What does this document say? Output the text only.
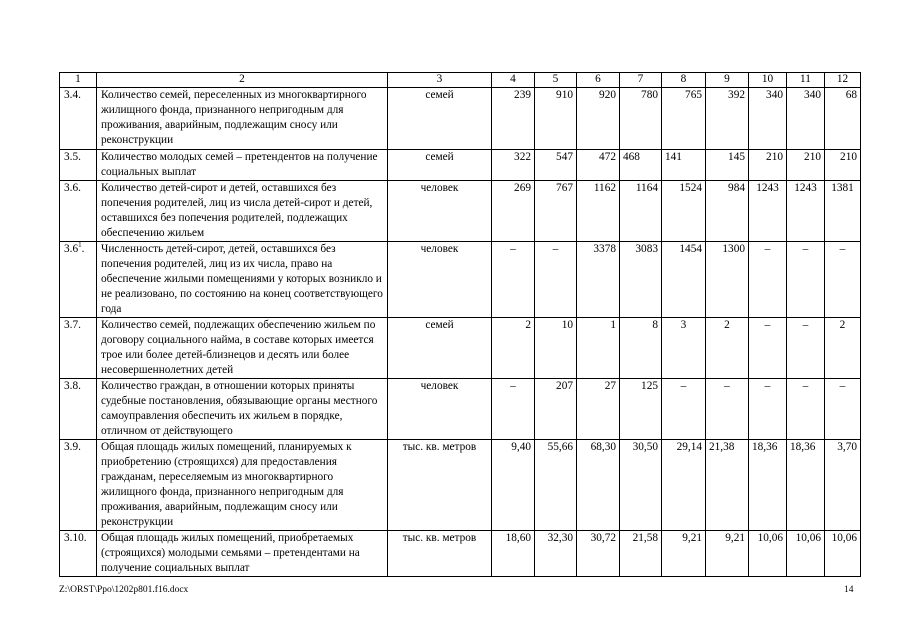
1	2	3	4	5	6	7	8	9	10	11	12
3.4.	Количество семей, переселенных из многоквартирного жилищного фонда, признанного непригодным для проживания, аварийным, подлежащим сносу или реконструкции	семей	239	910	920	780	765	392	340	340	68
3.5.	Количество молодых семей – претендентов на получение социальных выплат	семей	322	547	472	468	141	145	210	210	210
3.6.	Количество детей-сирот и детей, оставшихся без попечения родителей, лиц из числа детей-сирот и детей, оставшихся без попечения родителей, подлежащих обеспечению жильем	человек	269	767	1162	1164	1524	984	1243	1243	1381
$3.6^1$.	Численность детей-сирот, детей, оставшихся без попечения родителей, лиц из их числа, право на обеспечение жилыми помещениями у которых возникло и не реализовано, по состоянию на конец соответствующего года	человек	–	–	3378	3083	1454	1300	–	–	–
3.7.	Количество семей, подлежащих обеспечению жильем по договору социального найма, в составе которых имеется трое или более детей-близнецов и десять или более несовершеннолетних детей	семей	2	10	1	8	3	2	–	–	2
3.8.	Количество граждан, в отношении которых приняты судебные постановления, обязывающие органы местного самоуправления обеспечить их жильем в порядке, отличном от действующего	человек	–	207	27	125	–	–	–	–	–
3.9.	Общая площадь жилых помещений, планируемых к приобретению (строящихся) для предоставления гражданам, переселяемым из многоквартирного жилищного фонда, признанного непригодным для проживания, аварийным, подлежащим сносу или реконструкции	тыс. кв. метров	9,40	55,66	68,30	30,50	29,14	21,38	18,36	18,36	3,70
3.10.	Общая площадь жилых помещений, приобретаемых (строящихся) молодыми семьями – претендентами на получение социальных выплат	тыс. кв. метров	18,60	32,30	30,72	21,58	9,21	9,21	10,06	10,06	10,06
Z:\ORST\Ppo\1202p801.f16.docx	14
